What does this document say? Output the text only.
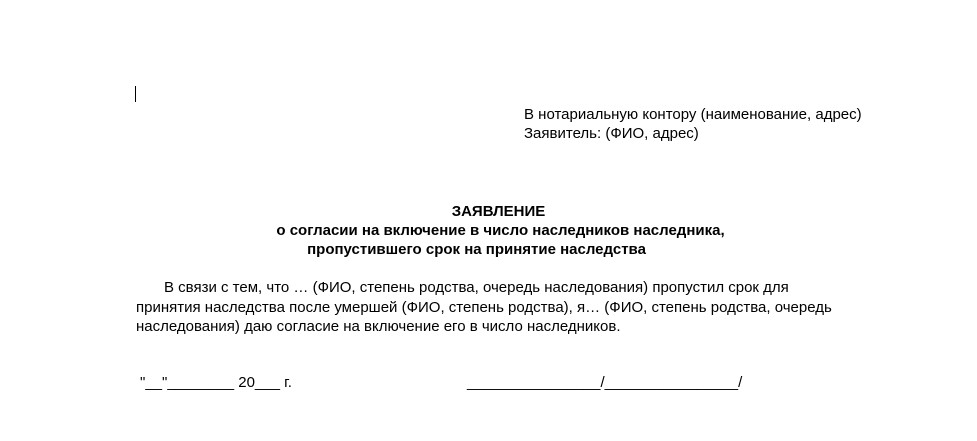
В нотариальную контору (наименование, адрес)
Заявитель: (ФИО, адрес)
ЗАЯВЛЕНИЕ
о согласии на включение в число наследников наследника,
пропустившего срок на принятие наследства
В связи с тем, что … (ФИО, степень родства, очередь наследования) пропустил срок для
принятия наследства после умершей (ФИО, степень родства), я… (ФИО, степень родства, очередь
наследования) даю согласие на включение его в число наследников.
"__"________ 20___ г.	________________/________________/
